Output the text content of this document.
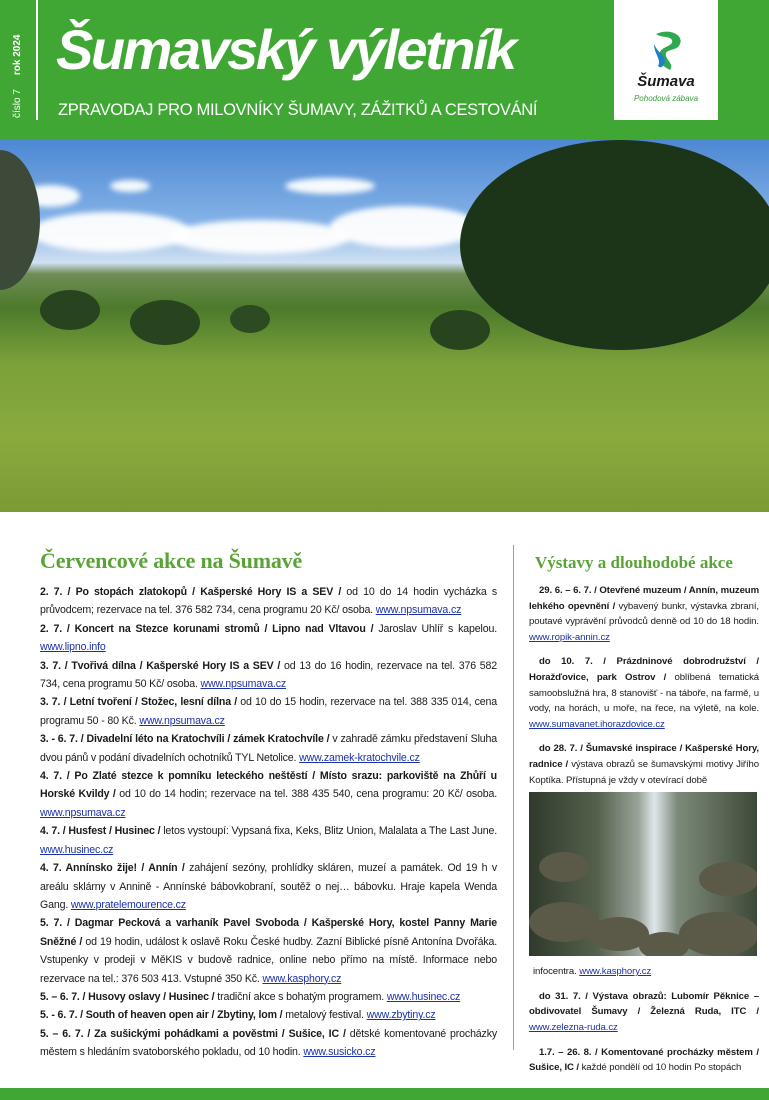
číslo 7
rok 2024 Šumavský výletník
ZPRAVODAJ PRO MILOVNÍKY ŠUMAVY, ZÁŽITKŮ A CESTOVÁNÍ
Šumava
Pohodová zábava
Červencové akce na Šumavě
2. 7. / Po stopách zlatokopů / Kašperské Hory IS a SEV / od 10 do 14 hodin vycházka s průvodcem; rezervace na tel. 376 582 734, cena programu 20 Kč/ osoba. www.npsumava.cz
2. 7. / Koncert na Stezce korunami stromů / Lipno nad Vltavou / Jaroslav Uhlíř s kapelou. www.lipno.info
3. 7. / Tvořivá dílna / Kašperské Hory IS a SEV / od 13 do 16 hodin, rezervace na tel. 376 582 734, cena programu 50 Kč/ osoba. www.npsumava.cz
3. 7. / Letní tvoření / Stožec, lesní dílna / od 10 do 15 hodin, rezervace na tel. 388 335 014, cena programu 50 - 80 Kč. www.npsumava.cz
3. - 6. 7. / Divadelní léto na Kratochvíli / zámek Kratochvíle / v zahradě zámku představení Sluha dvou pánů v podání divadelních ochotníků TYL Netolice. www.zamek-kratochvile.cz
4. 7. / Po Zlaté stezce k pomníku leteckého neštěstí / Místo srazu: parkoviště na Zhůří u Horské Kvildy / od 10 do 14 hodin; rezervace na tel. 388 435 540, cena programu: 20 Kč/ osoba. www.npsumava.cz
4. 7. / Husfest / Husinec / letos vystoupí: Vypsaná fixa, Keks, Blitz Union, Malalata a The Last June. www.husinec.cz
4. 7. Annínsko žije! / Annín / zahájení sezóny, prohlídky skláren, muzeí a památek. Od 19 h v areálu sklárny v Annině - Annínské bábovkobraní, soutěž o nej… bábovku. Hraje kapela Wenda Gang. www.pratelemourence.cz
5. 7. / Dagmar Pecková a varhaník Pavel Svoboda / Kašperské Hory, kostel Panny Marie Sněžné / od 19 hodin, událost k oslavě Roku České hudby. Zazní Biblické písně Antonína Dvořáka. Vstupenky v prodeji v MěKIS v budově radnice, online nebo přímo na místě. Informace nebo rezervace na tel.: 376 503 413. Vstupné 350 Kč. www.kasphory.cz
5. – 6. 7. / Husovy oslavy / Husinec / tradiční akce s bohatým programem. www.husinec.cz
5. - 6. 7. / South of heaven open air / Zbytiny, lom / metalový festival. www.zbytiny.cz
5. – 6. 7. / Za sušickými pohádkami a pověstmi / Sušice, IC / dětské komentované procházky městem s hledáním svatoborského pokladu, od 10 hodin. www.susicko.cz
Výstavy a dlouhodobé akce
29. 6. – 6. 7. / Otevřené muzeum / Annín, muzeum lehkého opevnění / vybavený bunkr, výstavka zbraní, poutavé vyprávění průvodců denně od 10 do 18 hodin. www.ropik-annin.cz
do 10. 7. / Prázdninové dobrodružství / Horažďovice, park Ostrov / oblíbená tematická samoobslužná hra, 8 stanovišť - na táboře, na farmě, u vody, na horách, u moře, na řece, na výletě, na kole. www.sumavanet.ihorazdovice.cz
do 28. 7. / Šumavské inspirace / Kašperské Hory, radnice / výstava obrazů se šumavskými motivy Jiřího Koptíka. Přístupná je vždy v otevírací době
infocentra. www.kasphory.cz
do 31. 7. / Výstava obrazů: Lubomír Pěknice – obdivovatel Šumavy / Železná Ruda, ITC / www.zelezna-ruda.cz
1.7. – 26. 8. / Komentované procházky městem / Sušice, IC / každé pondělí od 10 hodin Po stopách
